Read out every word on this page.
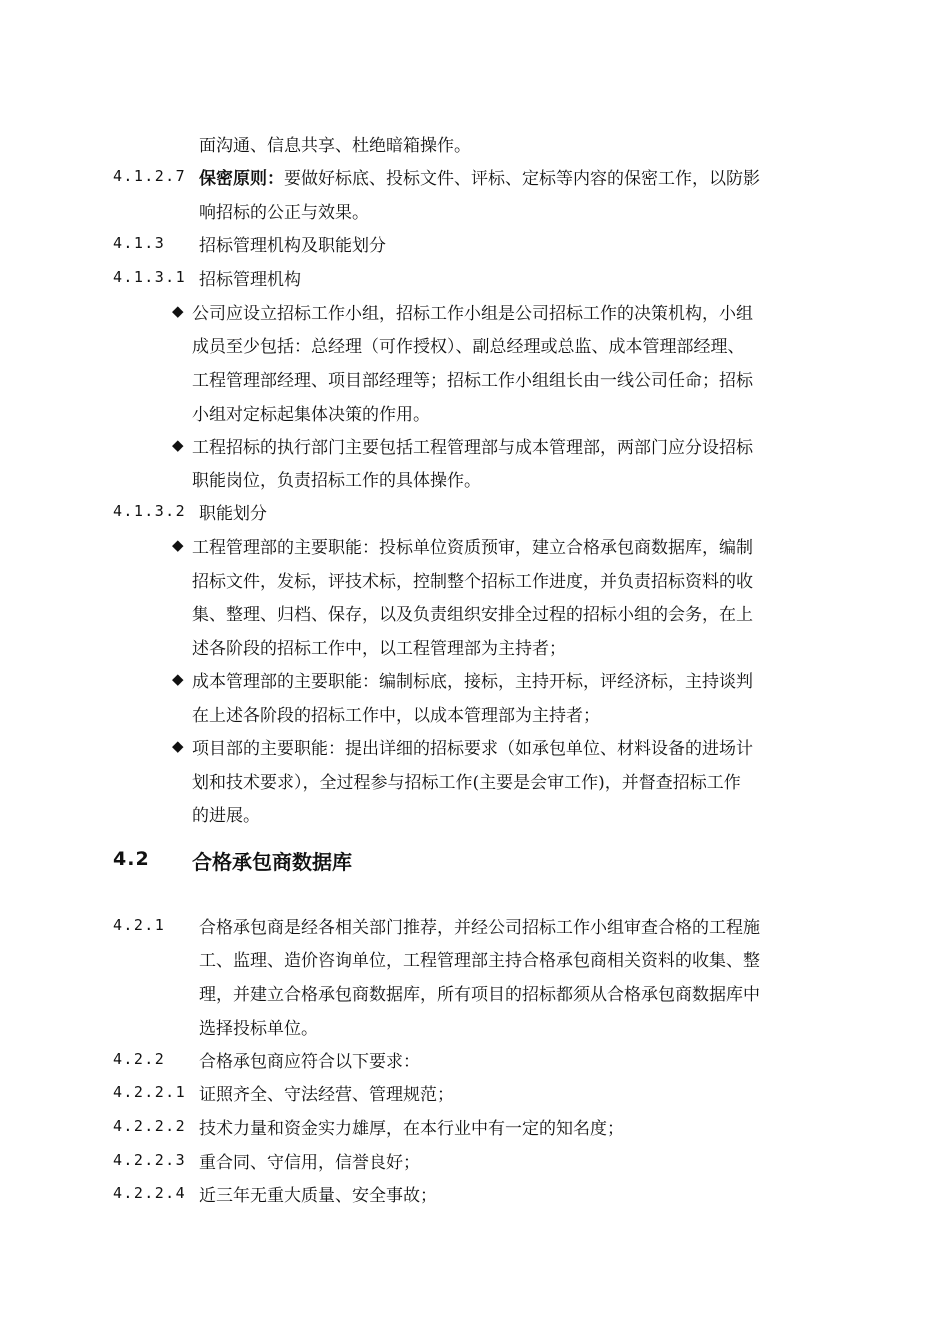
面沟通、信息共享、杜绝暗箱操作。
4.1.2.7 保密原则：要做好标底、投标文件、评标、定标等内容的保密工作，以防影
响招标的公正与效果。
4.1.3 招标管理机构及职能划分
4.1.3.1 招标管理机构
◆ 公司应设立招标工作小组，招标工作小组是公司招标工作的决策机构，小组
成员至少包括：总经理（可作授权）、副总经理或总监、成本管理部经理、
工程管理部经理、项目部经理等；招标工作小组组长由一线公司任命；招标
小组对定标起集体决策的作用。
◆ 工程招标的执行部门主要包括工程管理部与成本管理部，两部门应分设招标
职能岗位，负责招标工作的具体操作。
4.1.3.2 职能划分
◆ 工程管理部的主要职能：投标单位资质预审，建立合格承包商数据库，编制
招标文件，发标，评技术标，控制整个招标工作进度，并负责招标资料的收
集、整理、归档、保存，以及负责组织安排全过程的招标小组的会务，在上
述各阶段的招标工作中，以工程管理部为主持者；
◆ 成本管理部的主要职能：编制标底，接标，主持开标，评经济标，主持谈判
在上述各阶段的招标工作中，以成本管理部为主持者；
◆ 项目部的主要职能：提出详细的招标要求（如承包单位、材料设备的进场计
划和技术要求），全过程参与招标工作(主要是会审工作)，并督查招标工作
的进展。
4.2 合格承包商数据库
4.2.1 合格承包商是经各相关部门推荐，并经公司招标工作小组审查合格的工程施
工、监理、造价咨询单位，工程管理部主持合格承包商相关资料的收集、整
理，并建立合格承包商数据库，所有项目的招标都须从合格承包商数据库中
选择投标单位。
4.2.2 合格承包商应符合以下要求：
4.2.2.1 证照齐全、守法经营、管理规范；
4.2.2.2 技术力量和资金实力雄厚，在本行业中有一定的知名度；
4.2.2.3 重合同、守信用，信誉良好；
4.2.2.4 近三年无重大质量、安全事故；
